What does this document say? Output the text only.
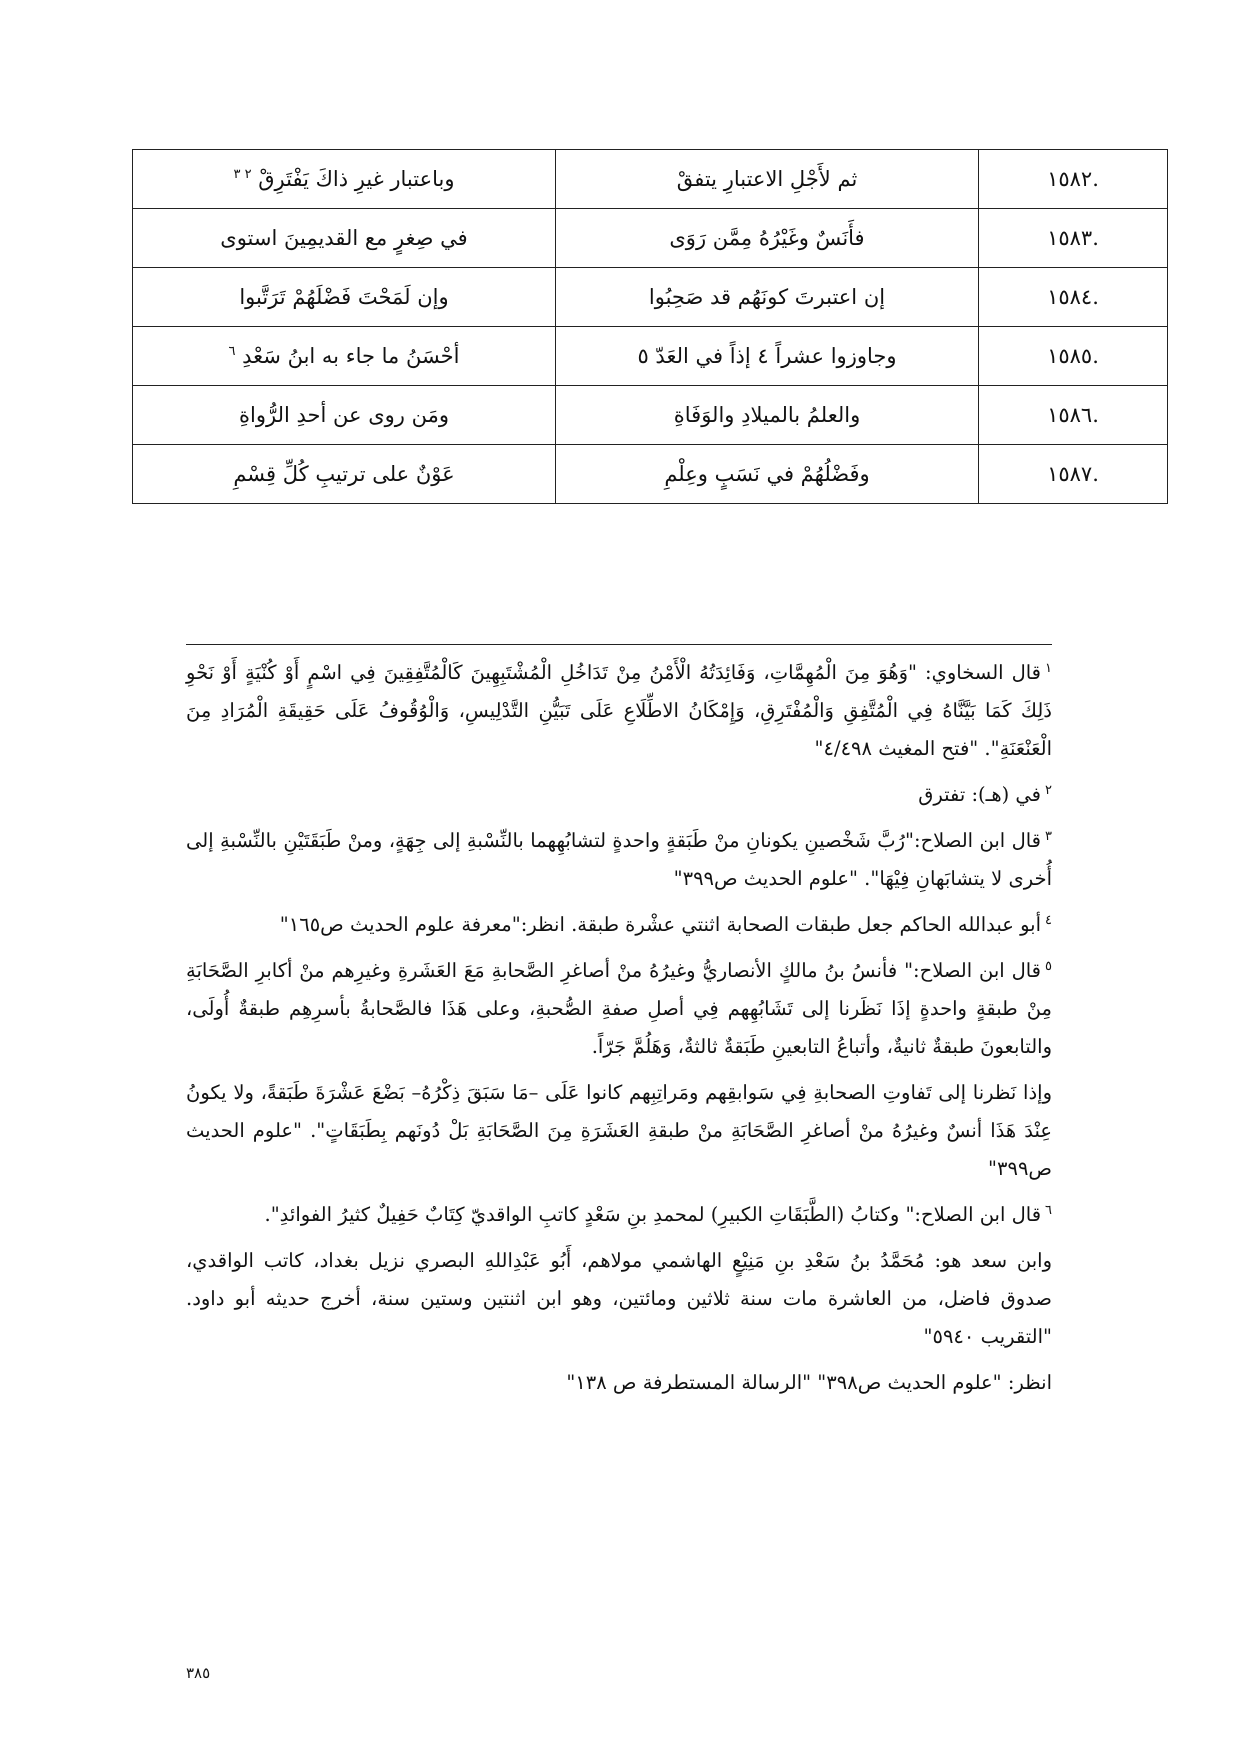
.١٥٨٢	ثم لأَجْلِ الاعتبارِ يتفقْ	وباعتبار غيرِ ذاكَ يَفْتَرِقْ $^{٢ ٣}$
.١٥٨٣	فأَنَسٌ وغَيْرُهُ مِمَّن رَوَى	في صِغرٍ مع القديمِينَ استوى
.١٥٨٤	إن اعتبرتَ كونَهُم قد صَحِبُوا	وإن لَمَحْتَ فَضْلَهُمْ تَرَتَّبوا
.١٥٨٥	وجاوزوا عشراً ٤ إذاً في العَدّ ٥	أحْسَنُ ما جاء به ابنُ سَعْدِ $^٦$
.١٥٨٦	والعلمُ بالميلادِ والوَفَاةِ	ومَن روى عن أحدِ الرُّواةِ
.١٥٨٧	وفَضْلُهُمْ في نَسَبٍ وعِلْمِ	عَوْنٌ على ترتيبِ كُلِّ قِسْمِ

$^١$قال السخاوي: "وَهُوَ مِنَ الْمُهِمَّاتِ، وَفَائِدَتُهُ الْأَمْنُ مِنْ تَدَاخُلِ الْمُشْتَبِهِينَ كَالْمُتَّفِقِينَ فِي اسْمٍ أَوْ كُنْيَةٍ أَوْ نَحْوِ ذَلِكَ كَمَا بَيَّنَّاهُ فِي الْمُتَّفِقِ وَالْمُفْتَرِقِ، وَإِمْكَانُ الاطِّلَاعِ عَلَى تَبَيُّنِ التَّدْلِيسِ، وَالْوُقُوفُ عَلَى حَقِيقَةِ الْمُرَادِ مِنَ الْعَنْعَنَةِ". "فتح المغيث ٤/٤٩٨"

$^٢$في (هـ): تفترق

$^٣$قال ابن الصلاح:"رُبَّ شَخْصينِ يكونانِ منْ طَبَقةٍ واحدةٍ لتشابُهِهما بالنِّسْبةِ إلى جِهَةٍ، ومنْ طَبَقَتَيْنِ بالنِّسْبةِ إلى أُخرى لا يتشابَهانِ فِيْهَا". "علوم الحديث ص٣٩٩"

$^٤$أبو عبدالله الحاكم جعل طبقات الصحابة اثنتي عشْرة طبقة. انظر:"معرفة علوم الحديث ص١٦٥"

$^٥$قال ابن الصلاح:" فأنسُ بنُ مالكٍ الأنصاريُّ وغيرُهُ منْ أصاغرِ الصَّحابةِ مَعَ العَشَرةِ وغيرِهم منْ أكابرِ الصَّحَابَةِ مِنْ طبقةٍ واحدةٍ إذَا نَظَرنا إلى تَشَابُهِهم فِي أصلِ صفةِ الصُّحبةِ، وعلى هَذَا فالصَّحابةُ بأسرِهِم طبقةٌ أُولَى، والتابعونَ طبقةٌ ثانيةٌ، وأتباعُ التابعينِ طَبَقةٌ ثالثةٌ، وَهَلُمَّ جَرّاً.

وإذا نَظرنا إلى تَفاوتِ الصحابةِ فِي سَوابقِهم ومَراتِبِهم كانوا عَلَى –مَا سَبَقَ ذِكْرُهُ– بَضْعَ عَشْرَةَ طَبَقةً، ولا يكونُ عِنْدَ هَذَا أنسٌ وغيرُهُ منْ أصاغرِ الصَّحَابَةِ منْ طبقةِ العَشَرَةِ مِنَ الصَّحَابَةِ بَلْ دُونَهم بِطَبَقَاتٍ". "علوم الحديث ص٣٩٩"

$^٦$قال ابن الصلاح:" وكتابُ (الطَّبَقَاتِ الكبيرِ) لمحمدِ بنِ سَعْدٍ كاتبِ الواقديّ كِتَابٌ حَفِيلٌ كثيرُ الفوائدِ".

وابن سعد هو: مُحَمَّدُ بنُ سَعْدِ بنِ مَنِيْعٍ الهاشمي مولاهم، أَبُو عَبْدِاللهِ البصري نزيل بغداد، كاتب الواقدي، صدوق فاضل، من العاشرة مات سنة ثلاثين ومائتين، وهو ابن اثنتين وستين سنة، أخرج حديثه أبو داود. "التقريب ٥٩٤٠"

انظر: "علوم الحديث ص٣٩٨" "الرسالة المستطرفة ص ١٣٨"

٣٨٥
